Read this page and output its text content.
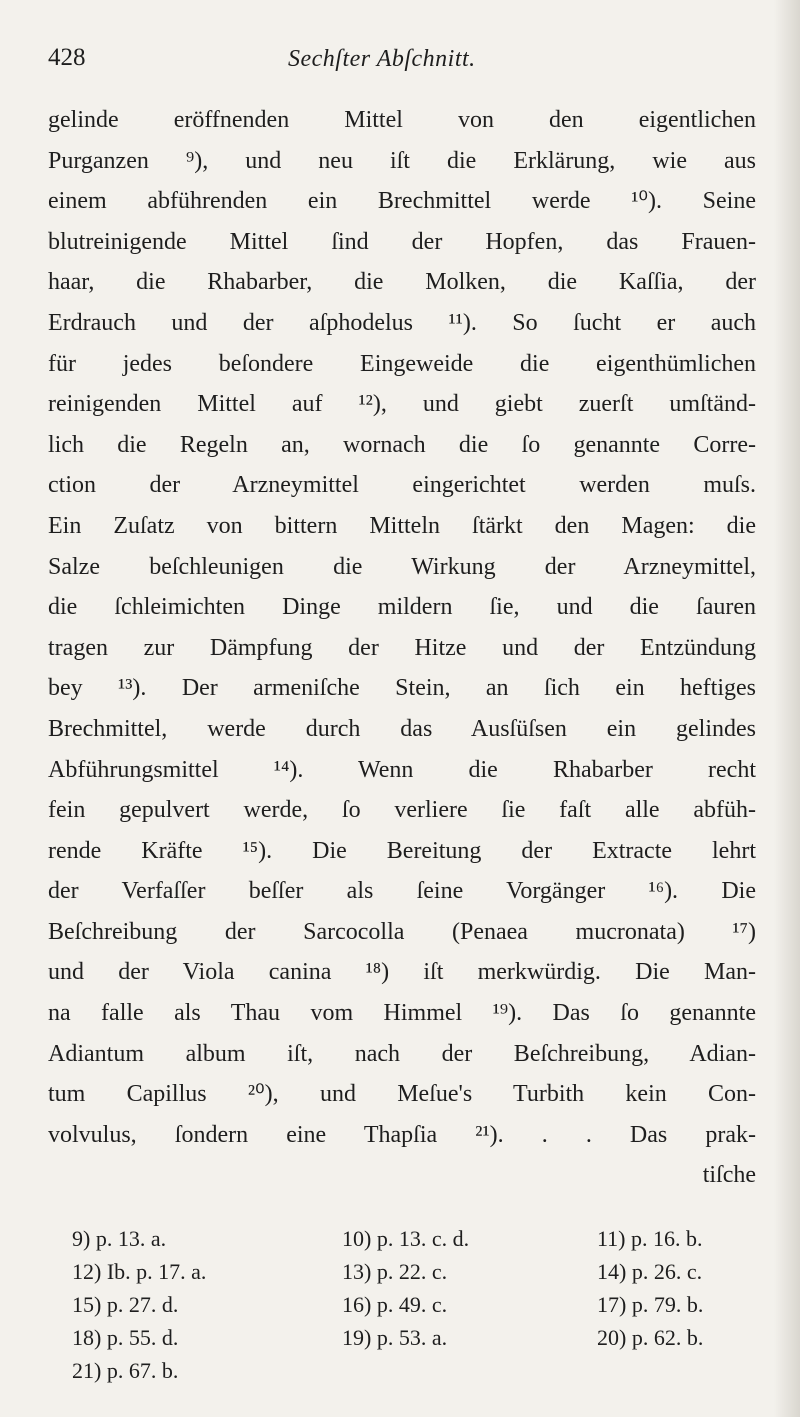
428	Sechſter Abſchnitt.
gelinde eröffnenden Mittel von den eigentlichen
Purganzen ⁹), und neu iſt die Erklärung, wie aus
einem abführenden ein Brechmittel werde ¹⁰). Seine
blutreinigende Mittel ſind der Hopfen, das Frauen-
haar, die Rhabarber, die Molken, die Kaſſia, der
Erdrauch und der aſphodelus ¹¹). So ſucht er auch
für jedes beſondere Eingeweide die eigenthümlichen
reinigenden Mittel auf ¹²), und giebt zuerſt umſtänd-
lich die Regeln an, wornach die ſo genannte Corre-
ction der Arzneymittel eingerichtet werden muſs.
Ein Zuſatz von bittern Mitteln ſtärkt den Magen: die
Salze beſchleunigen die Wirkung der Arzneymittel,
die ſchleimichten Dinge mildern ſie, und die ſauren
tragen zur Dämpfung der Hitze und der Entzündung
bey ¹³). Der armeniſche Stein, an ſich ein heftiges
Brechmittel, werde durch das Ausſüſsen ein gelindes
Abführungsmittel ¹⁴). Wenn die Rhabarber recht
fein gepulvert werde, ſo verliere ſie faſt alle abfüh-
rende Kräfte ¹⁵). Die Bereitung der Extracte lehrt
der Verfaſſer beſſer als ſeine Vorgänger ¹⁶). Die
Beſchreibung der Sarcocolla (Penaea mucronata) ¹⁷)
und der Viola canina ¹⁸) iſt merkwürdig. Die Man-
na falle als Thau vom Himmel ¹⁹). Das ſo genannte
Adiantum album iſt, nach der Beſchreibung, Adian-
tum Capillus ²⁰), und Meſue's Turbith kein Con-
volvulus, ſondern eine Thapſia ²¹). . . Das prak-
tiſche
9) p. 13. a.	10) p. 13. c. d.	11) p. 16. b.
12) Ib. p. 17. a.	13) p. 22. c.	14) p. 26. c.
15) p. 27. d.	16) p. 49. c.	17) p. 79. b.
18) p. 55. d.	19) p. 53. a.	20) p. 62. b.
21) p. 67. b.
